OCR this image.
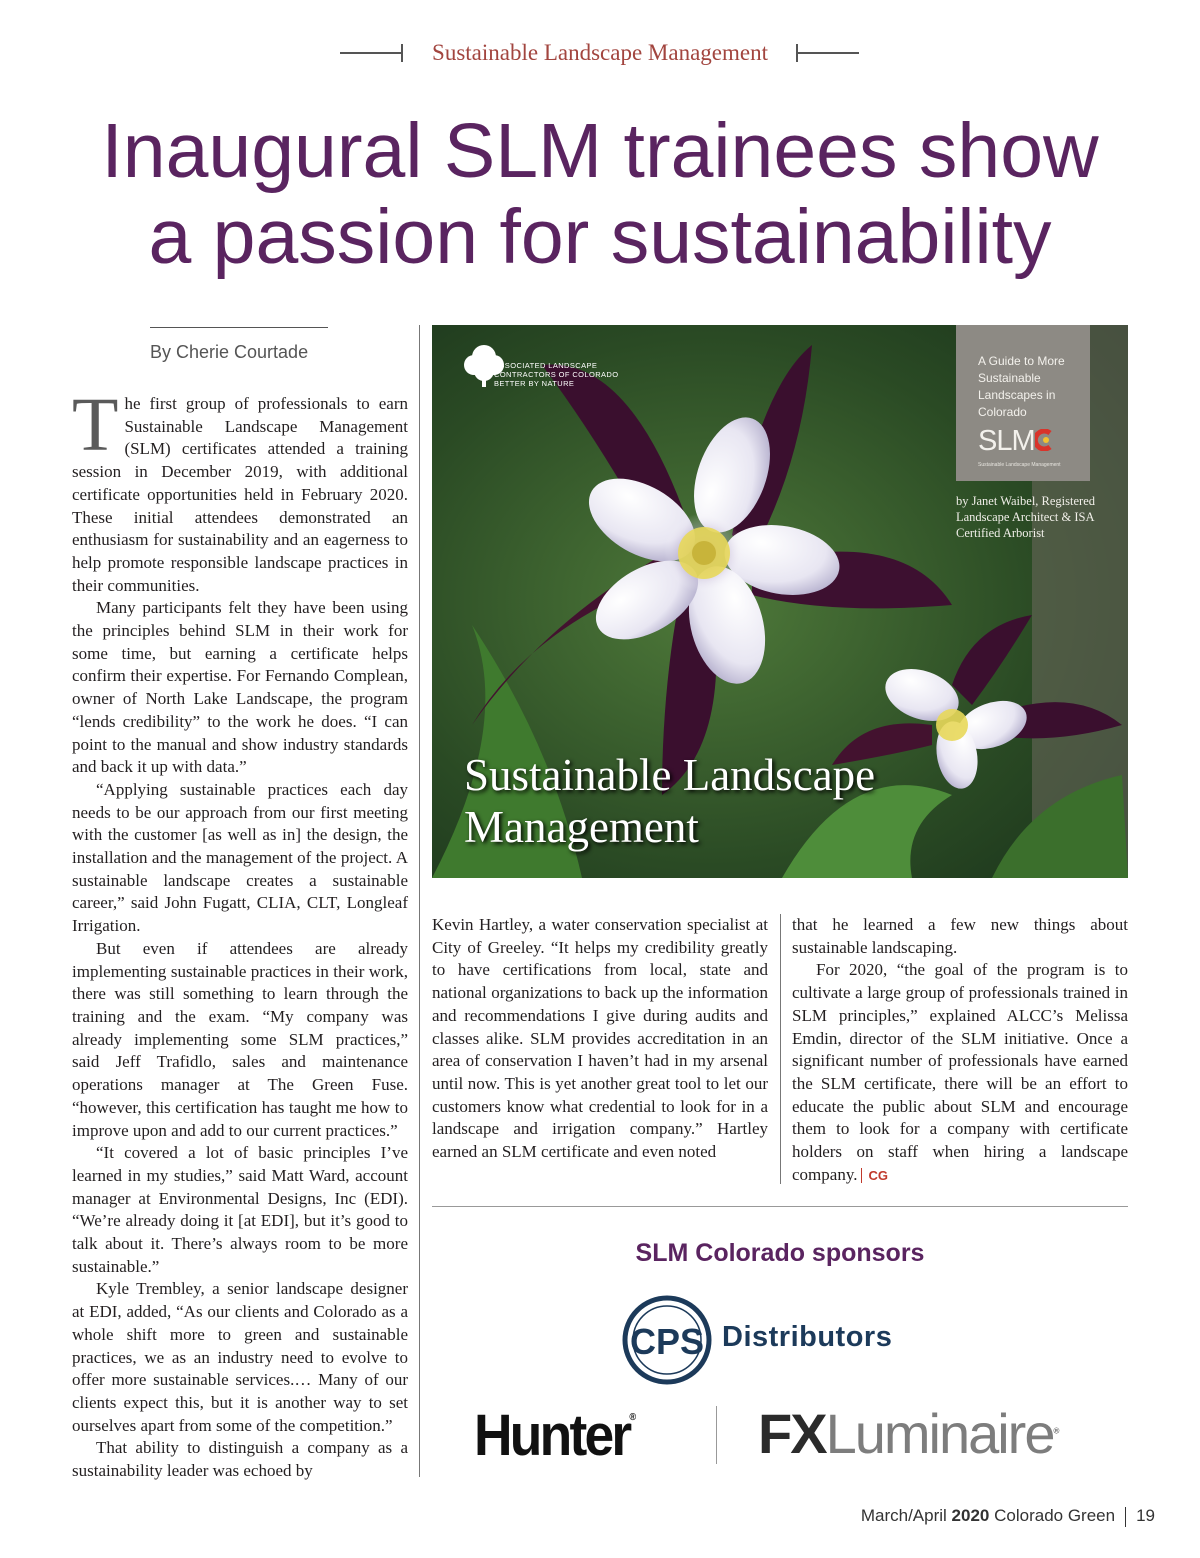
Sustainable Landscape Management
Inaugural SLM trainees show
a passion for sustainability
By Cherie Courtade

The first group of professionals to earn Sustainable Landscape Management (SLM) certificates attended a training session in December 2019, with additional certificate opportunities held in February 2020. These initial attendees demonstrated an enthusiasm for sustainability and an eagerness to help promote responsible landscape practices in their communities.

Many participants felt they have been using the principles behind SLM in their work for some time, but earning a certificate helps confirm their expertise. For Fernando Complean, owner of North Lake Landscape, the program “lends credibility” to the work he does. “I can point to the manual and show industry standards and back it up with data.”

“Applying sustainable practices each day needs to be our approach from our first meeting with the customer [as well as in] the design, the installation and the management of the project. A sustainable landscape creates a sustainable career,” said John Fugatt, CLIA, CLT, Longleaf Irrigation.

But even if attendees are already implementing sustainable practices in their work, there was still something to learn through the training and the exam. “My company was already implementing some SLM practices,” said Jeff Trafidlo, sales and maintenance operations manager at The Green Fuse. “however, this certification has taught me how to improve upon and add to our current practices.”

“It covered a lot of basic principles I’ve learned in my studies,” said Matt Ward, account manager at Environmental Designs, Inc (EDI). “We’re already doing it [at EDI], but it’s good to talk about it. There’s always room to be more sustainable.”

Kyle Trembley, a senior landscape designer at EDI, added, “As our clients and Colorado as a whole shift more to green and sustainable practices, we as an industry need to evolve to offer more sustainable services.… Many of our clients expect this, but it is another way to set ourselves apart from some of the competition.”

That ability to distinguish a company as a sustainability leader was echoed by

ASSOCIATED LANDSCAPE
CONTRACTORS OF COLORADO
BETTER BY NATURE
A Guide to More Sustainable Landscapes in Colorado
SLM
Sustainable Landscape Management
by Janet Waibel, Registered Landscape Architect & ISA Certified Arborist
Sustainable Landscape
Management

Kevin Hartley, a water conservation specialist at City of Greeley. “It helps my credibility greatly to have certifications from local, state and national organizations to back up the information and recommendations I give during audits and classes alike. SLM provides accreditation in an area of conservation I haven’t had in my arsenal until now. This is yet another great tool to let our customers know what credential to look for in a landscape and irrigation company.” Hartley earned an SLM certificate and even noted

that he learned a few new things about sustainable landscaping.

For 2020, “the goal of the program is to cultivate a large group of professionals trained in SLM principles,” explained ALCC’s Melissa Emdin, director of the SLM initiative. Once a significant number of professionals have earned the SLM certificate, there will be an effort to educate the public about SLM and encourage them to look for a company with certificate holders on staff when hiring a landscape company. CG

SLM Colorado sponsors
CPS Distributors
Hunter® FXLuminaire®
March/April 2020 Colorado Green 19
